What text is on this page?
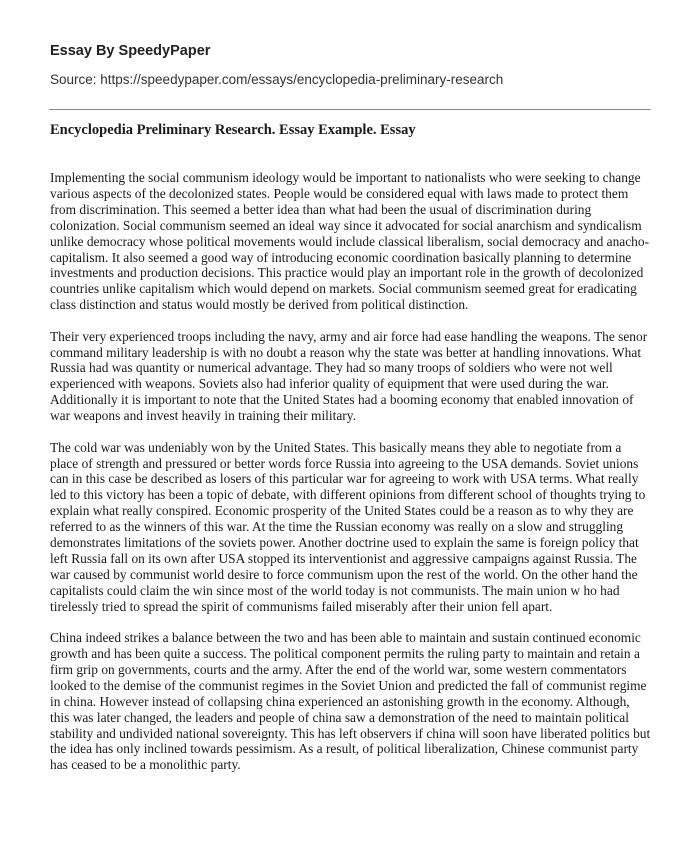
Essay By SpeedyPaper
Source: https://speedypaper.com/essays/encyclopedia-preliminary-research
Encyclopedia Preliminary Research. Essay Example. Essay

Implementing the social communism ideology would be important to nationalists who were seeking to change various aspects of the decolonized states. People would be considered equal with laws made to protect them from discrimination. This seemed a better idea than what had been the usual of discrimination during colonization. Social communism seemed an ideal way since it advocated for social anarchism and syndicalism unlike democracy whose political movements would include classical liberalism, social democracy and anacho-capitalism. It also seemed a good way of introducing economic coordination basically planning to determine investments and production decisions. This practice would play an important role in the growth of decolonized countries unlike capitalism which would depend on markets. Social communism seemed great for eradicating class distinction and status would mostly be derived from political distinction.

Their very experienced troops including the navy, army and air force had ease handling the weapons. The senor command military leadership is with no doubt a reason why the state was better at handling innovations. What Russia had was quantity or numerical advantage. They had so many troops of soldiers who were not well experienced with weapons. Soviets also had inferior quality of equipment that were used during the war. Additionally it is important to note that the United States had a booming economy that enabled innovation of war weapons and invest heavily in training their military.

The cold war was undeniably won by the United States. This basically means they able to negotiate from a place of strength and pressured or better words force Russia into agreeing to the USA demands. Soviet unions can in this case be described as losers of this particular war for agreeing to work with USA terms. What really led to this victory has been a topic of debate, with different opinions from different school of thoughts trying to explain what really conspired. Economic prosperity of the United States could be a reason as to why they are referred to as the winners of this war. At the time the Russian economy was really on a slow and struggling demonstrates limitations of the soviets power. Another doctrine used to explain the same is foreign policy that left Russia fall on its own after USA stopped its interventionist and aggressive campaigns against Russia. The war caused by communist world desire to force communism upon the rest of the world. On the other hand the capitalists could claim the win since most of the world today is not communists. The main union w ho had tirelessly tried to spread the spirit of communisms failed miserably after their union fell apart.

China indeed strikes a balance between the two and has been able to maintain and sustain continued economic growth and has been quite a success. The political component permits the ruling party to maintain and retain a firm grip on governments, courts and the army. After the end of the world war, some western commentators looked to the demise of the communist regimes in the Soviet Union and predicted the fall of communist regime in china. However instead of collapsing china experienced an astonishing growth in the economy. Although, this was later changed, the leaders and people of china saw a demonstration of the need to maintain political stability and undivided national sovereignty. This has left observers if china will soon have liberated politics but the idea has only inclined towards pessimism. As a result, of political liberalization, Chinese communist party has ceased to be a monolithic party.
